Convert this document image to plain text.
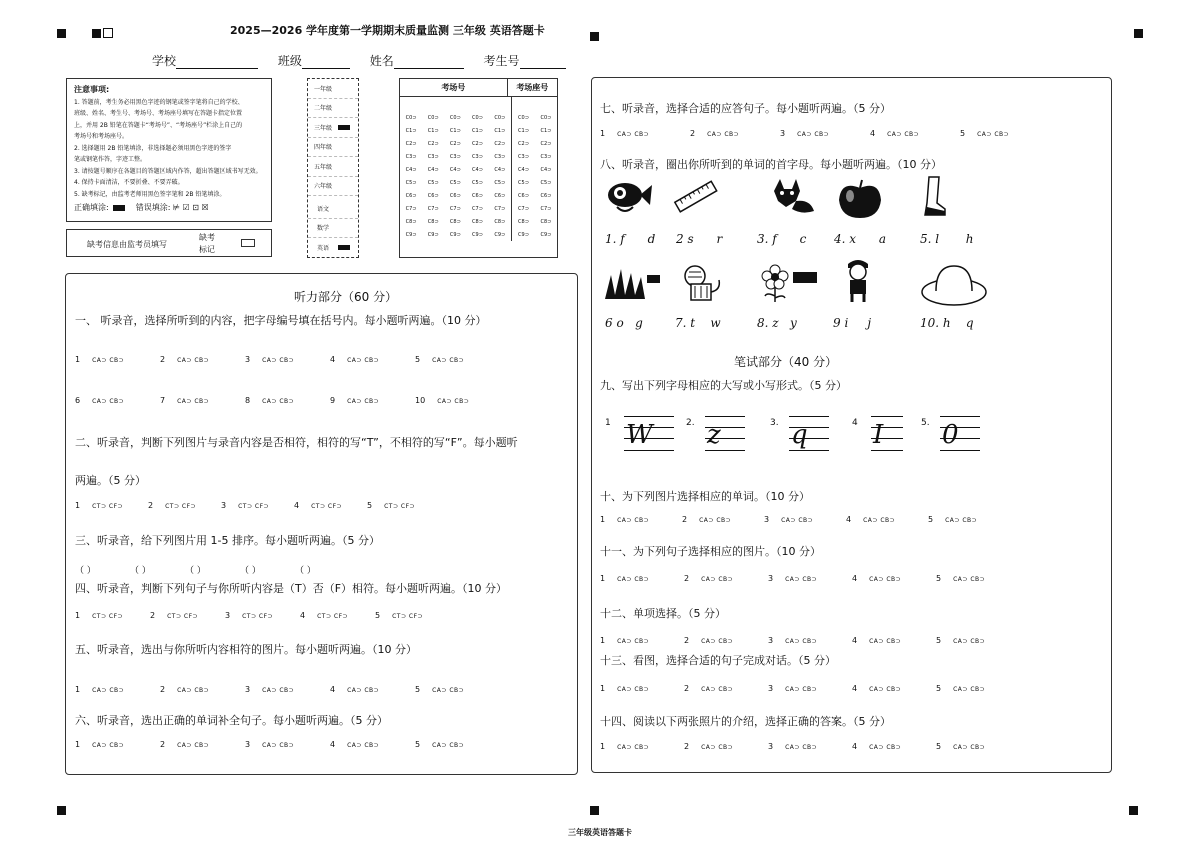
2025—2026 学年度第一学期期末质量监测 三年级 英语答题卡
学校	班级	姓名	考生号
注意事项:
1. 答题前，考生务必用黑色字迹的钢笔或签字笔将自己的学校、
班级、姓名、考生号、考场号、考场座号填写在答题卡指定位置
上，并用 2B 铅笔在答题卡“考场号”、“考场座号”栏涂上自己的
考场号和考场座号。
2. 选择题用 2B 铅笔填涂，非选择题必须用黑色字迹的签字
笔或钢笔作答，字迹工整。
3. 请按题号顺序在各题目的答题区域内作答，超出答题区域书写无效。
4. 保持卡面清洁，不要折叠、不要弄破。
5. 缺考标记，由监考老师用黑色签字笔和 2B 铅笔填涂。
正确填涂:	错误填涂: ⊭ ☑ ⊡ ☒
缺考信息由监考员填写
缺考
标记
一年级
二年级
三年级
四年级
五年级
六年级
语文
数学
英语
考场号	考场座号

C0⊃	C0⊃	C0⊃	C0⊃	C0⊃	C0⊃	C0⊃
C1⊃	C1⊃	C1⊃	C1⊃	C1⊃	C1⊃	C1⊃
C2⊃	C2⊃	C2⊃	C2⊃	C2⊃	C2⊃	C2⊃
C3⊃	C3⊃	C3⊃	C3⊃	C3⊃	C3⊃	C3⊃
C4⊃	C4⊃	C4⊃	C4⊃	C4⊃	C4⊃	C4⊃
C5⊃	C5⊃	C5⊃	C5⊃	C5⊃	C5⊃	C5⊃
C6⊃	C6⊃	C6⊃	C6⊃	C6⊃	C6⊃	C6⊃
C7⊃	C7⊃	C7⊃	C7⊃	C7⊃	C7⊃	C7⊃
C8⊃	C8⊃	C8⊃	C8⊃	C8⊃	C8⊃	C8⊃
C9⊃	C9⊃	C9⊃	C9⊃	C9⊃	C9⊃	C9⊃
听力部分（60 分）
一、 听录音，选择所听到的内容，把字母编号填在括号内。每小题听两遍。（10 分）
1 CA⊃ CB⊃	2 CA⊃ CB⊃	3 CA⊃ CB⊃	4 CA⊃ CB⊃	5 CA⊃ CB⊃
6 CA⊃ CB⊃	7 CA⊃ CB⊃	8 CA⊃ CB⊃	9 CA⊃ CB⊃	10 CA⊃ CB⊃
二、听录音，判断下列图片与录音内容是否相符，相符的写“T”，不相符的写“F”。每小题听
两遍。（5 分）
1 CT⊃ CF⊃	2 CT⊃ CF⊃	3 CT⊃ CF⊃	4 CT⊃ CF⊃	5 CT⊃ CF⊃
三、听录音，给下列图片用 1-5 排序。每小题听两遍。（5 分）
（ ）	（ ）	（ ）	（ ）	（ ）
四、听录音，判断下列句子与你所听内容是（T）否（F）相符。每小题听两遍。（10 分）
1 CT⊃ CF⊃	2 CT⊃ CF⊃	3 CT⊃ CF⊃	4 CT⊃ CF⊃	5 CT⊃ CF⊃
五、听录音，选出与你所听内容相符的图片。每小题听两遍。（10 分）
1 CA⊃ CB⊃	2 CA⊃ CB⊃	3 CA⊃ CB⊃	4 CA⊃ CB⊃	5 CA⊃ CB⊃
六、听录音，选出正确的单词补全句子。每小题听两遍。（5 分）
1 CA⊃ CB⊃	2 CA⊃ CB⊃	3 CA⊃ CB⊃	4 CA⊃ CB⊃	5 CA⊃ CB⊃
七、听录音，选择合适的应答句子。每小题听两遍。（5 分）
1 CA⊃ CB⊃	2 CA⊃ CB⊃	3 CA⊃ CB⊃	4 CA⊃ CB⊃	5 CA⊃ CB⊃
八、听录音，圈出你所听到的单词的首字母。每小题听两遍。（10 分）
1. f      d 2 s      r	3. f      c 4. x      a	5. l       h
6 o   g	7. t    w	8. z   y	9 i     j	10. h    q
笔试部分（40 分）
九、写出下列字母相应的大写或小写形式。（5 分）
1 W	2. z	3. q	4 I	5. 0
十、为下列图片选择相应的单词。（10 分）
1 CA⊃ CB⊃	2 CA⊃ CB⊃	3 CA⊃ CB⊃	4 CA⊃ CB⊃	5 CA⊃ CB⊃
十一、为下列句子选择相应的图片。（10 分）
1 CA⊃ CB⊃	2 CA⊃ CB⊃	3 CA⊃ CB⊃	4 CA⊃ CB⊃	5 CA⊃ CB⊃
十二、单项选择。（5 分）
1 CA⊃ CB⊃	2 CA⊃ CB⊃	3 CA⊃ CB⊃	4 CA⊃ CB⊃	5 CA⊃ CB⊃
十三、看图，选择合适的句子完成对话。（5 分）
1 CA⊃ CB⊃	2 CA⊃ CB⊃	3 CA⊃ CB⊃	4 CA⊃ CB⊃	5 CA⊃ CB⊃
十四、阅读以下两张照片的介绍，选择正确的答案。（5 分）
1 CA⊃ CB⊃	2 CA⊃ CB⊃	3 CA⊃ CB⊃	4 CA⊃ CB⊃	5 CA⊃ CB⊃
三年级英语答题卡
